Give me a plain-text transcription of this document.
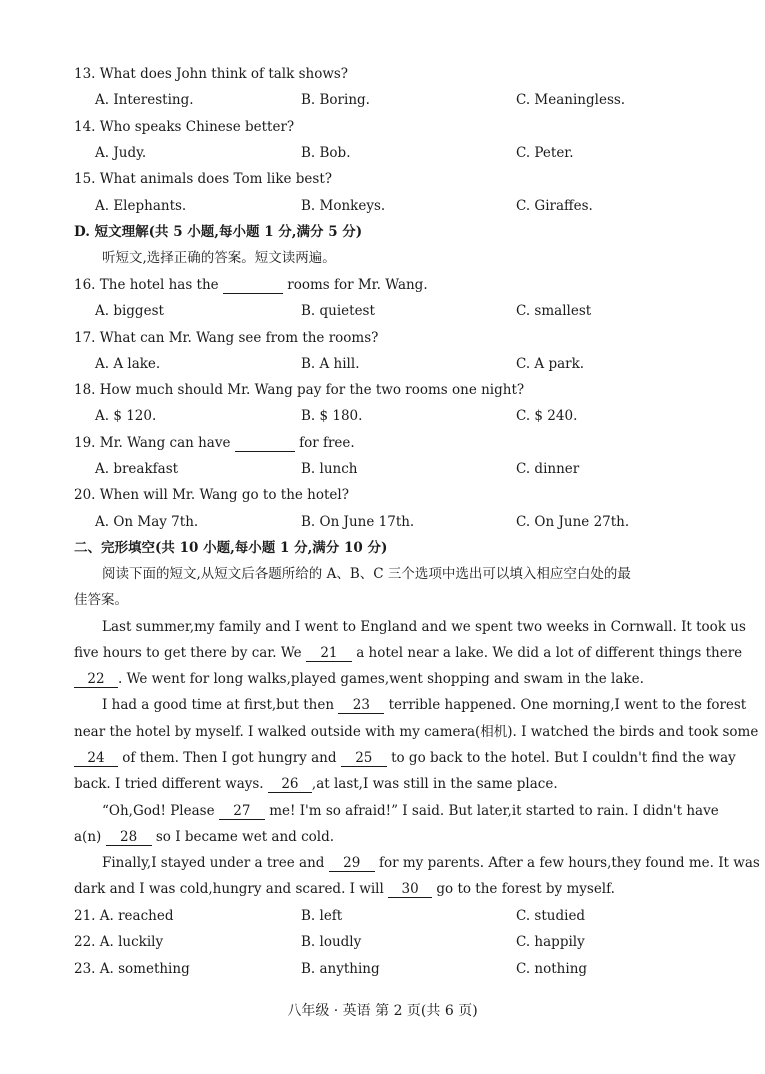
13. What does John think of talk shows?
A. Interesting.	B. Boring.	C. Meaningless.
14. Who speaks Chinese better?
A. Judy.	B. Bob.	C. Peter.
15. What animals does Tom like best?
A. Elephants.	B. Monkeys.	C. Giraffes.
D. 短文理解(共 5 小题,每小题 1 分,满分 5 分)
听短文,选择正确的答案。短文读两遍。
16. The hotel has the	rooms for Mr. Wang.
A. biggest	B. quietest	C. smallest
17. What can Mr. Wang see from the rooms?
A. A lake.	B. A hill.	C. A park.
18. How much should Mr. Wang pay for the two rooms one night?
A. $ 120.	B. $ 180.	C. $ 240.
19. Mr. Wang can have	for free.
A. breakfast	B. lunch	C. dinner
20. When will Mr. Wang go to the hotel?
A. On May 7th.	B. On June 17th.	C. On June 27th.
二、完形填空(共 10 小题,每小题 1 分,满分 10 分)
阅读下面的短文,从短文后各题所给的 A、B、C 三个选项中选出可以填入相应空白处的最
佳答案。
Last summer,my family and I went to England and we spent two weeks in Cornwall. It took us
five hours to get there by car. We 21 a hotel near a lake. We did a lot of different things there
22 . We went for long walks,played games,went shopping and swam in the lake.
I had a good time at first,but then 23 terrible happened. One morning,I went to the forest
near the hotel by myself. I walked outside with my camera(相机). I watched the birds and took some
24 of them. Then I got hungry and 25 to go back to the hotel. But I couldn't find the way
back. I tried different ways. 26 ,at last,I was still in the same place.
“Oh,God! Please 27 me! I'm so afraid!” I said. But later,it started to rain. I didn't have
a(n) 28 so I became wet and cold.
Finally,I stayed under a tree and 29 for my parents. After a few hours,they found me. It was
dark and I was cold,hungry and scared. I will 30 go to the forest by myself.
21. A. reached	B. left	C. studied
22. A. luckily	B. loudly	C. happily
23. A. something	B. anything	C. nothing
八年级 · 英语 第 2 页(共 6 页)
